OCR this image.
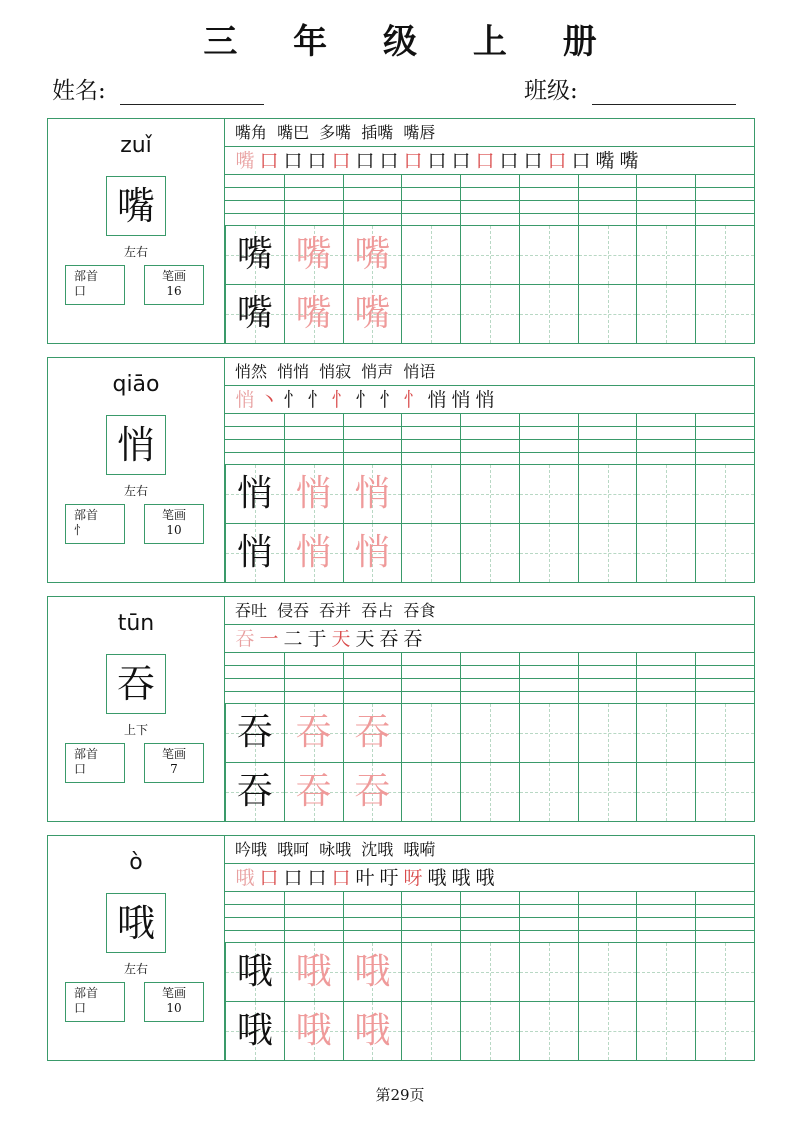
三 年 级 上 册
姓名:	班级:
zuǐ
嘴
左右
部首
口
笔画
16
嘴角 嘴巴 多嘴 插嘴 嘴唇
嘴 口 口 口 口 口 口 口 口 口 口 口 口 口 口 嘴 嘴
嘴 嘴 嘴
嘴 嘴 嘴
qiāo
悄
左右
部首
忄
笔画
10
悄然 悄悄 悄寂 悄声 悄语
悄 丶 忄 忄 忄 忄 忄 忄 悄 悄 悄
悄 悄 悄
悄 悄 悄
tūn
吞
上下
部首
口
笔画
7
吞吐 侵吞 吞并 吞占 吞食
吞 一 二 于 天 天 吞 吞
吞 吞 吞
吞 吞 吞
ò
哦
左右
部首
口
笔画
10
吟哦 哦呵 咏哦 沈哦 哦嗬
哦 口 口 口 口 叶 吁 呀 哦 哦 哦
哦 哦 哦
哦 哦 哦
第29页
